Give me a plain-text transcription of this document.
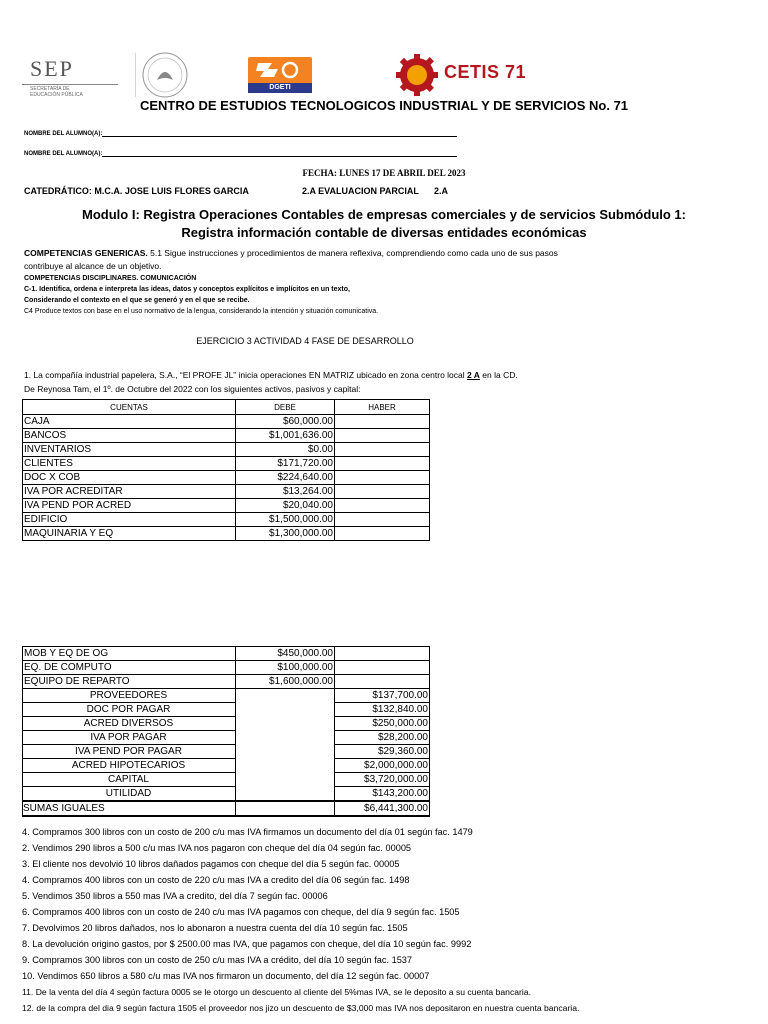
SEP
SECRETARÍA DE
EDUCACIÓN PÚBLICA
DGETI
CETIS 71
CENTRO DE ESTUDIOS TECNOLOGICOS INDUSTRIAL Y DE SERVICIOS No. 71
NOMBRE DEL ALUMNO(A):
NOMBRE DEL ALUMNO(A):
FECHA: LUNES 17 DE ABRIL DEL 2023
CATEDRÁTICO: M.C.A. JOSE LUIS FLORES GARCIA	2.A EVALUACION PARCIAL 2.A
Modulo I: Registra Operaciones Contables de empresas comerciales y de servicios Submódulo 1:
Registra información contable de diversas entidades económicas
COMPETENCIAS GENERICAS. 5.1 Sigue instrucciones y procedimientos de manera reflexiva, comprendiendo como cada uno de sus pasos contribuye al alcance de un objetivo.
COMPETENCIAS DISCIPLINARES. COMUNICACIÓN
C-1. Identifica, ordena e interpreta las ideas, datos y conceptos explícitos e implícitos en un texto,
Considerando el contexto en el que se generó y en el que se recibe.
C4 Produce textos con base en el uso normativo de la lengua, considerando la intención y situación comunicativa.
EJERCICIO 3 ACTIVIDAD 4 FASE DE DESARROLLO
1. La compañía industrial papelera, S.A., “El PROFE JL” inicia operaciones EN MATRIZ ubicado en zona centro local 2 A en la CD.
De Reynosa Tam, el 1º. de Octubre del 2022 con los siguientes activos, pasivos y capital:
CUENTAS	DEBE	HABER
CAJA	$60,000.00	
BANCOS	$1,001,636.00	
INVENTARIOS	$0.00	
CLIENTES	$171,720.00	
DOC X COB	$224,640.00	
IVA POR ACREDITAR	$13,264.00	
IVA PEND POR ACRED	$20,040.00	
EDIFICIO	$1,500,000.00	
MAQUINARIA Y EQ	$1,300,000.00	
MOB Y EQ DE OG	$450,000.00	
EQ. DE COMPUTO	$100,000.00	
EQUIPO DE REPARTO	$1,600,000.00	
PROVEEDORES		$137,700.00
DOC POR PAGAR		$132,840.00
ACRED DIVERSOS		$250,000.00
IVA POR PAGAR		$28,200.00
IVA PEND POR PAGAR		$29,360.00
ACRED HIPOTECARIOS		$2,000,000.00
CAPITAL		$3,720,000.00
UTILIDAD		$143,200.00
SUMAS IGUALES		$6,441,300.00
4. Compramos 300 libros con un costo de 200 c/u mas IVA firmamos un documento del día 01 según fac. 1479
2. Vendimos 290 libros a 500 c/u mas IVA nos pagaron con cheque del día 04 según fac. 00005
3. El cliente nos devolvió 10 libros dañados pagamos con cheque del día 5 según fac. 00005
4. Compramos 400 libros con un costo de 220 c/u mas IVA a credito del día 06 según fac. 1498
5. Vendimos 350 libros a 550 mas IVA a credito, del día 7 según fac. 00006
6. Compramos 400 libros con un costo de 240 c/u mas IVA pagamos con cheque, del día 9 según fac. 1505
7. Devolvimos 20 libros dañados, nos lo abonaron a nuestra cuenta del día 10 según fac. 1505
8. La devolución origino gastos, por $ 2500.00 mas IVA, que pagamos con cheque, del día 10 según fac. 9992
9. Compramos 300 libros con un costo de 250 c/u mas IVA a crédito, del día 10 según fac. 1537
10. Vendimos 650 libros a 580 c/u mas IVA nos firmaron un documento, del día 12 según fac. 00007
11. De la venta del día 4 según factura 0005 se le otorgo un descuento al cliente del 5%mas IVA, se le deposito a su cuenta bancaria.
12. de la compra del dia 9 según factura 1505 el proveedor nos jizo un descuento de $3,000 mas IVA nos depositaron en nuestra cuenta bancaria.
